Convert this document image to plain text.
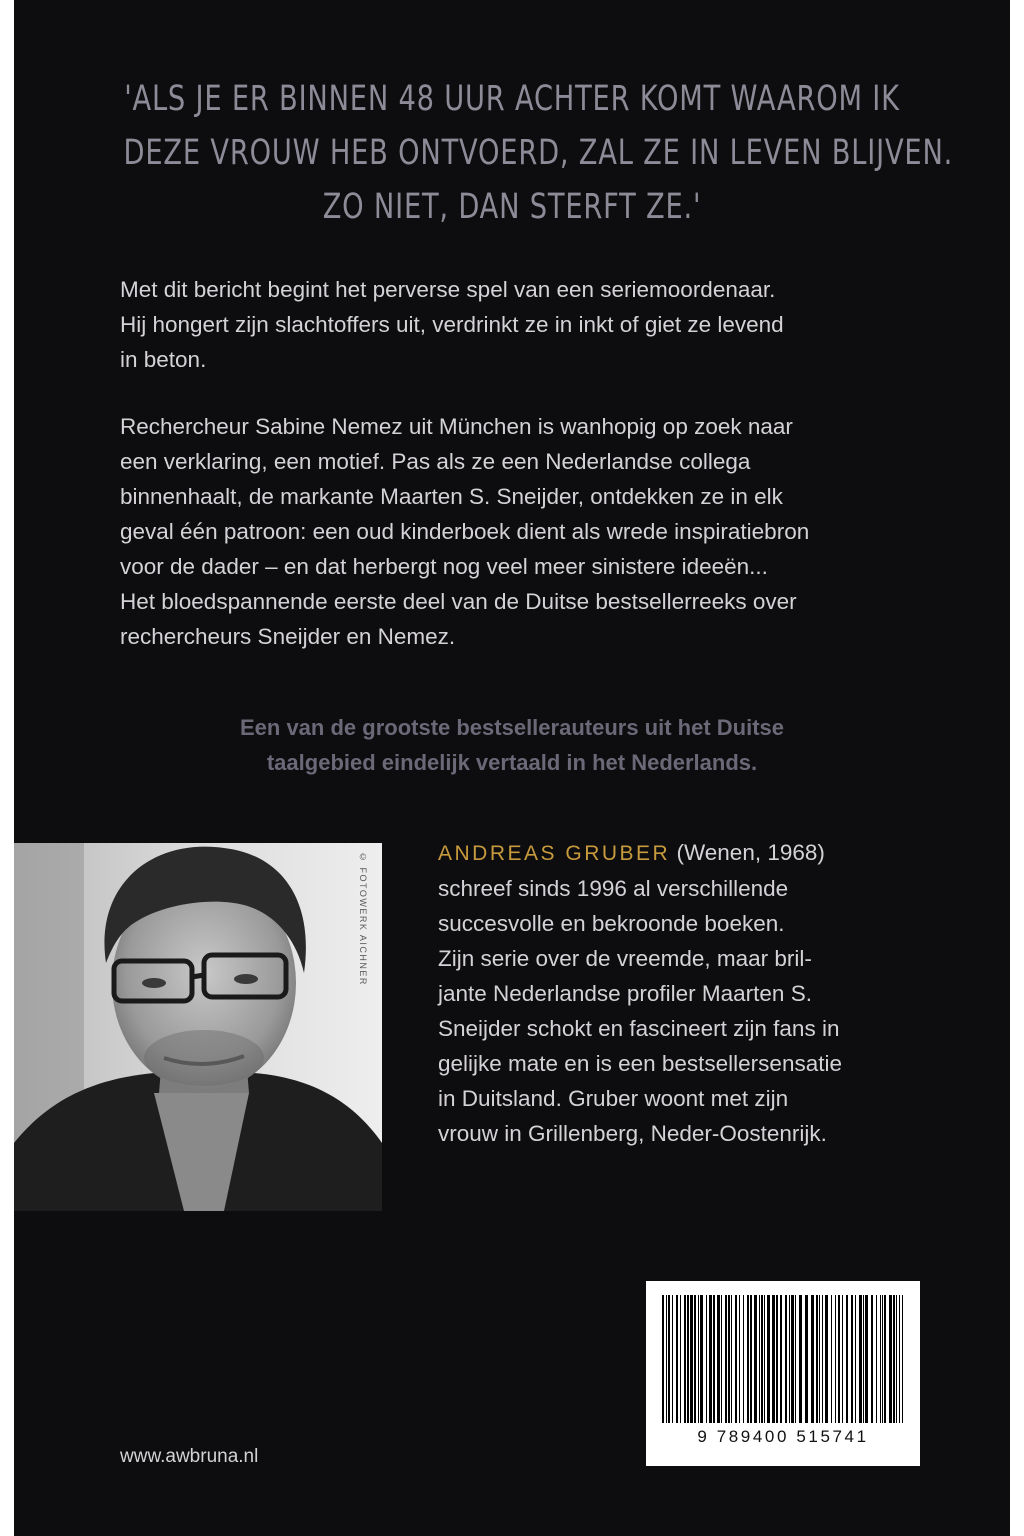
'ALS JE ER BINNEN 48 UUR ACHTER KOMT WAAROM IK
DEZE VROUW HEB ONTVOERD, ZAL ZE IN LEVEN BLIJVEN.
ZO NIET, DAN STERFT ZE.'

Met dit bericht begint het perverse spel van een seriemoordenaar.
Hij hongert zijn slachtoffers uit, verdrinkt ze in inkt of giet ze levend
in beton.

Rechercheur Sabine Nemez uit München is wanhopig op zoek naar
een verklaring, een motief. Pas als ze een Nederlandse collega
binnenhaalt, de markante Maarten S. Sneijder, ontdekken ze in elk
geval één patroon: een oud kinderboek dient als wrede inspiratiebron
voor de dader – en dat herbergt nog veel meer sinistere ideeën...
Het bloedspannende eerste deel van de Duitse bestsellerreeks over
rechercheurs Sneijder en Nemez.

Een van de grootste bestsellerauteurs uit het Duitse
taalgebied eindelijk vertaald in het Nederlands.
© FOTOWERK AICHNER	ANDREAS GRUBER (Wenen, 1968)
schreef sinds 1996 al verschillende
succesvolle en bekroonde boeken.
Zijn serie over de vreemde, maar bril-
jante Nederlandse profiler Maarten S.
Sneijder schokt en fascineert zijn fans in
gelijke mate en is een bestsellersensatie
in Duitsland. Gruber woont met zijn
vrouw in Grillenberg, Neder-Oostenrijk.
9 789400 515741
www.awbruna.nl
